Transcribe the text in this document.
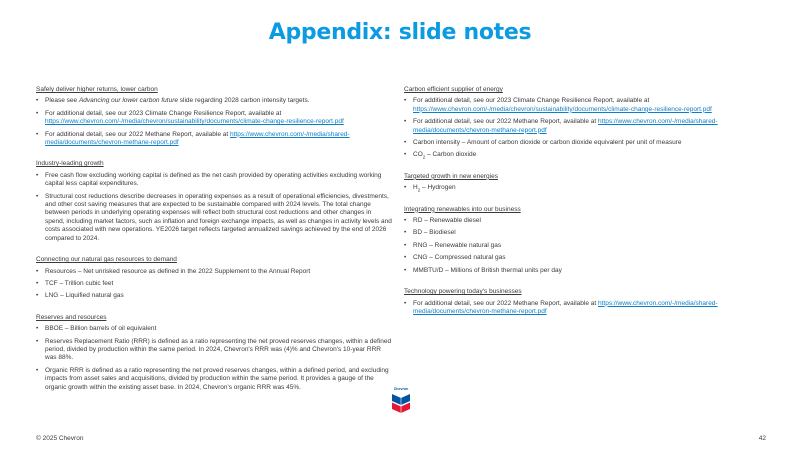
Appendix: slide notes
Safely deliver higher returns, lower carbon
• Please see Advancing our lower carbon future slide regarding 2028 carbon intensity targets.
• For additional detail, see our 2023 Climate Change Resilience Report, available at https://www.chevron.com/-/media/chevron/sustainability/documents/climate-change-resilience-report.pdf
• For additional detail, see our 2022 Methane Report, available at https://www.chevron.com/-/media/shared-media/documents/chevron-methane-report.pdf
Industry-leading growth
• Free cash flow excluding working capital is defined as the net cash provided by operating activities excluding working capital less capital expenditures.
• Structural cost reductions describe decreases in operating expenses as a result of operational efficiencies, divestments, and other cost saving measures that are expected to be sustainable compared with 2024 levels. The total change between periods in underlying operating expenses will reflect both structural cost reductions and other changes in spend, including market factors, such as inflation and foreign exchange impacts, as well as changes in activity levels and costs associated with new operations. YE2026 target reflects targeted annualized savings achieved by the end of 2026 compared to 2024.
Connecting our natural gas resources to demand
• Resources – Net unrisked resource as defined in the 2022 Supplement to the Annual Report
• TCF – Trillion cubic feet
• LNG – Liquified natural gas
Reserves and resources
• BBOE – Billion barrels of oil equivalent
• Reserves Replacement Ratio (RRR) is defined as a ratio representing the net proved reserves changes, within a defined period, divided by production within the same period. In 2024, Chevron's RRR was (4)% and Chevron's 10-year RRR was 88%.
• Organic RRR is defined as a ratio representing the net proved reserves changes, within a defined period, and excluding impacts from asset sales and acquisitions, divided by production within the same period. It provides a gauge of the organic growth within the existing asset base. In 2024, Chevron's organic RRR was 45%.
Carbon efficient supplier of energy
• For additional detail, see our 2023 Climate Change Resilience Report, available at https://www.chevron.com/-/media/chevron/sustainability/documents/climate-change-resilience-report.pdf
• For additional detail, see our 2022 Methane Report, available at https://www.chevron.com/-/media/shared-media/documents/chevron-methane-report.pdf
• Carbon intensity – Amount of carbon dioxide or carbon dioxide equivalent per unit of measure
• $CO_2$ – Carbon dioxide
Targeted growth in new energies
• $H_2$ – Hydrogen
Integrating renewables into our business
• RD – Renewable diesel
• BD – Biodiesel
• RNG – Renewable natural gas
• CNG – Compressed natural gas
• MMBTU/D – Millions of British thermal units per day
Technology powering today's businesses
• For additional detail, see our 2022 Methane Report, available at https://www.chevron.com/-/media/shared-media/documents/chevron-methane-report.pdf
Chevron
© 2025 Chevron	42
